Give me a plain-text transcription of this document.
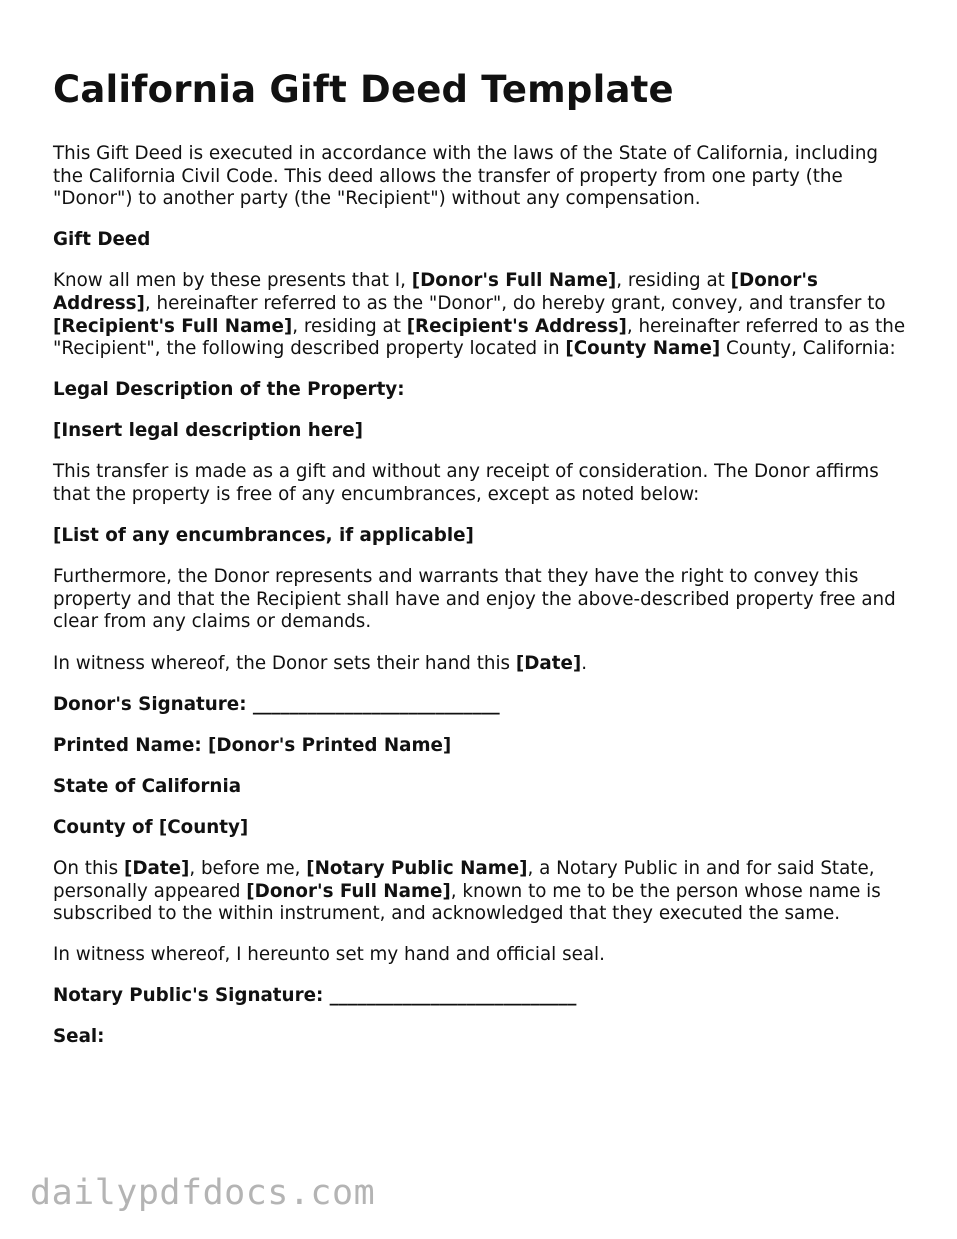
California Gift Deed Template

This Gift Deed is executed in accordance with the laws of the State of California, including the California Civil Code. This deed allows the transfer of property from one party (the "Donor") to another party (the "Recipient") without any compensation.

Gift Deed

Know all men by these presents that I, [Donor's Full Name], residing at [Donor's Address], hereinafter referred to as the "Donor", do hereby grant, convey, and transfer to [Recipient's Full Name], residing at [Recipient's Address], hereinafter referred to as the "Recipient", the following described property located in [County Name] County, California:

Legal Description of the Property:

[Insert legal description here]

This transfer is made as a gift and without any receipt of consideration. The Donor affirms that the property is free of any encumbrances, except as noted below:

[List of any encumbrances, if applicable]

Furthermore, the Donor represents and warrants that they have the right to convey this property and that the Recipient shall have and enjoy the above-described property free and clear from any claims or demands.

In witness whereof, the Donor sets their hand this [Date].

Donor's Signature: ___________________________

Printed Name: [Donor's Printed Name]

State of California

County of [County]

On this [Date], before me, [Notary Public Name], a Notary Public in and for said State, personally appeared [Donor's Full Name], known to me to be the person whose name is subscribed to the within instrument, and acknowledged that they executed the same.

In witness whereof, I hereunto set my hand and official seal.

Notary Public's Signature: ___________________________

Seal:

dailypdfdocs.com
